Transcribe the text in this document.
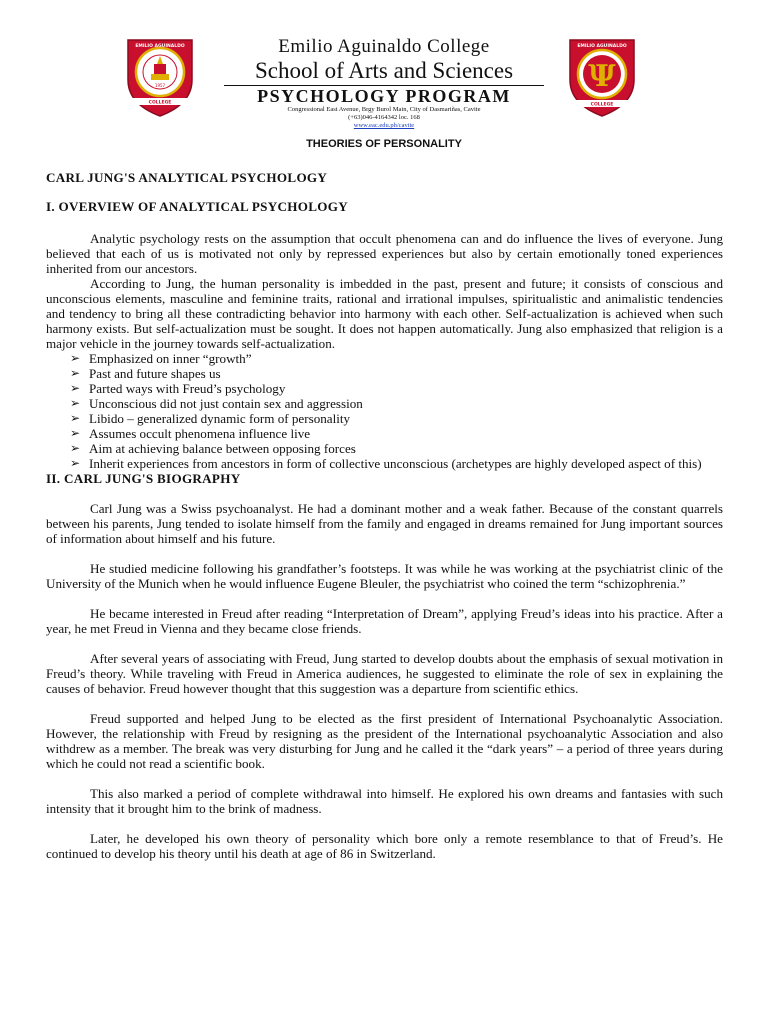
EMILIO AGUINALDO
COLLEGE
1957
Emilio Aguinaldo College
School of Arts and Sciences
PSYCHOLOGY PROGRAM
Congressional East Avenue, Brgy Burol Main, City of Dasmariñas, Cavite
(+63)046-4164342 loc. 168
www.eac.edu.ph/cavite
Ψ
EMILIO AGUINALDO
COLLEGE
THEORIES OF PERSONALITY

CARL JUNG'S ANALYTICAL PSYCHOLOGY

I. OVERVIEW OF ANALYTICAL PSYCHOLOGY

Analytic psychology rests on the assumption that occult phenomena can and do influence the lives of everyone. Jung believed that each of us is motivated not only by repressed experiences but also by certain emotionally toned experiences inherited from our ancestors.

According to Jung, the human personality is imbedded in the past, present and future; it consists of conscious and unconscious elements, masculine and feminine traits, rational and irrational impulses, spiritualistic and animalistic tendencies and tendency to bring all these contradicting behavior into harmony with each other. Self-actualization is achieved when such harmony exists. But self-actualization must be sought. It does not happen automatically. Jung also emphasized that religion is a major vehicle in the journey towards self-actualization.

➢ Emphasized on inner “growth”
➢ Past and future shapes us
➢ Parted ways with Freud’s psychology
➢ Unconscious did not just contain sex and aggression
➢ Libido – generalized dynamic form of personality
➢ Assumes occult phenomena influence live
➢ Aim at achieving balance between opposing forces
➢ Inherit experiences from ancestors in form of collective unconscious (archetypes are highly developed aspect of this)

II. CARL JUNG'S BIOGRAPHY

Carl Jung was a Swiss psychoanalyst. He had a dominant mother and a weak father. Because of the constant quarrels between his parents, Jung tended to isolate himself from the family and engaged in dreams remained for Jung important sources of information about himself and his future.

He studied medicine following his grandfather’s footsteps. It was while he was working at the psychiatrist clinic of the University of the Munich when he would influence Eugene Bleuler, the psychiatrist who coined the term “schizophrenia.”

He became interested in Freud after reading “Interpretation of Dream”, applying Freud’s ideas into his practice. After a year, he met Freud in Vienna and they became close friends.

After several years of associating with Freud, Jung started to develop doubts about the emphasis of sexual motivation in Freud’s theory. While traveling with Freud in America audiences, he suggested to eliminate the role of sex in explaining the causes of behavior. Freud however thought that this suggestion was a departure from scientific ethics.

Freud supported and helped Jung to be elected as the first president of International Psychoanalytic Association. However, the relationship with Freud by resigning as the president of the International psychoanalytic Association and also withdrew as a member. The break was very disturbing for Jung and he called it the “dark years” – a period of three years during which he could not read a scientific book.

This also marked a period of complete withdrawal into himself. He explored his own dreams and fantasies with such intensity that it brought him to the brink of madness.

Later, he developed his own theory of personality which bore only a remote resemblance to that of Freud’s. He continued to develop his theory until his death at age of 86 in Switzerland.
